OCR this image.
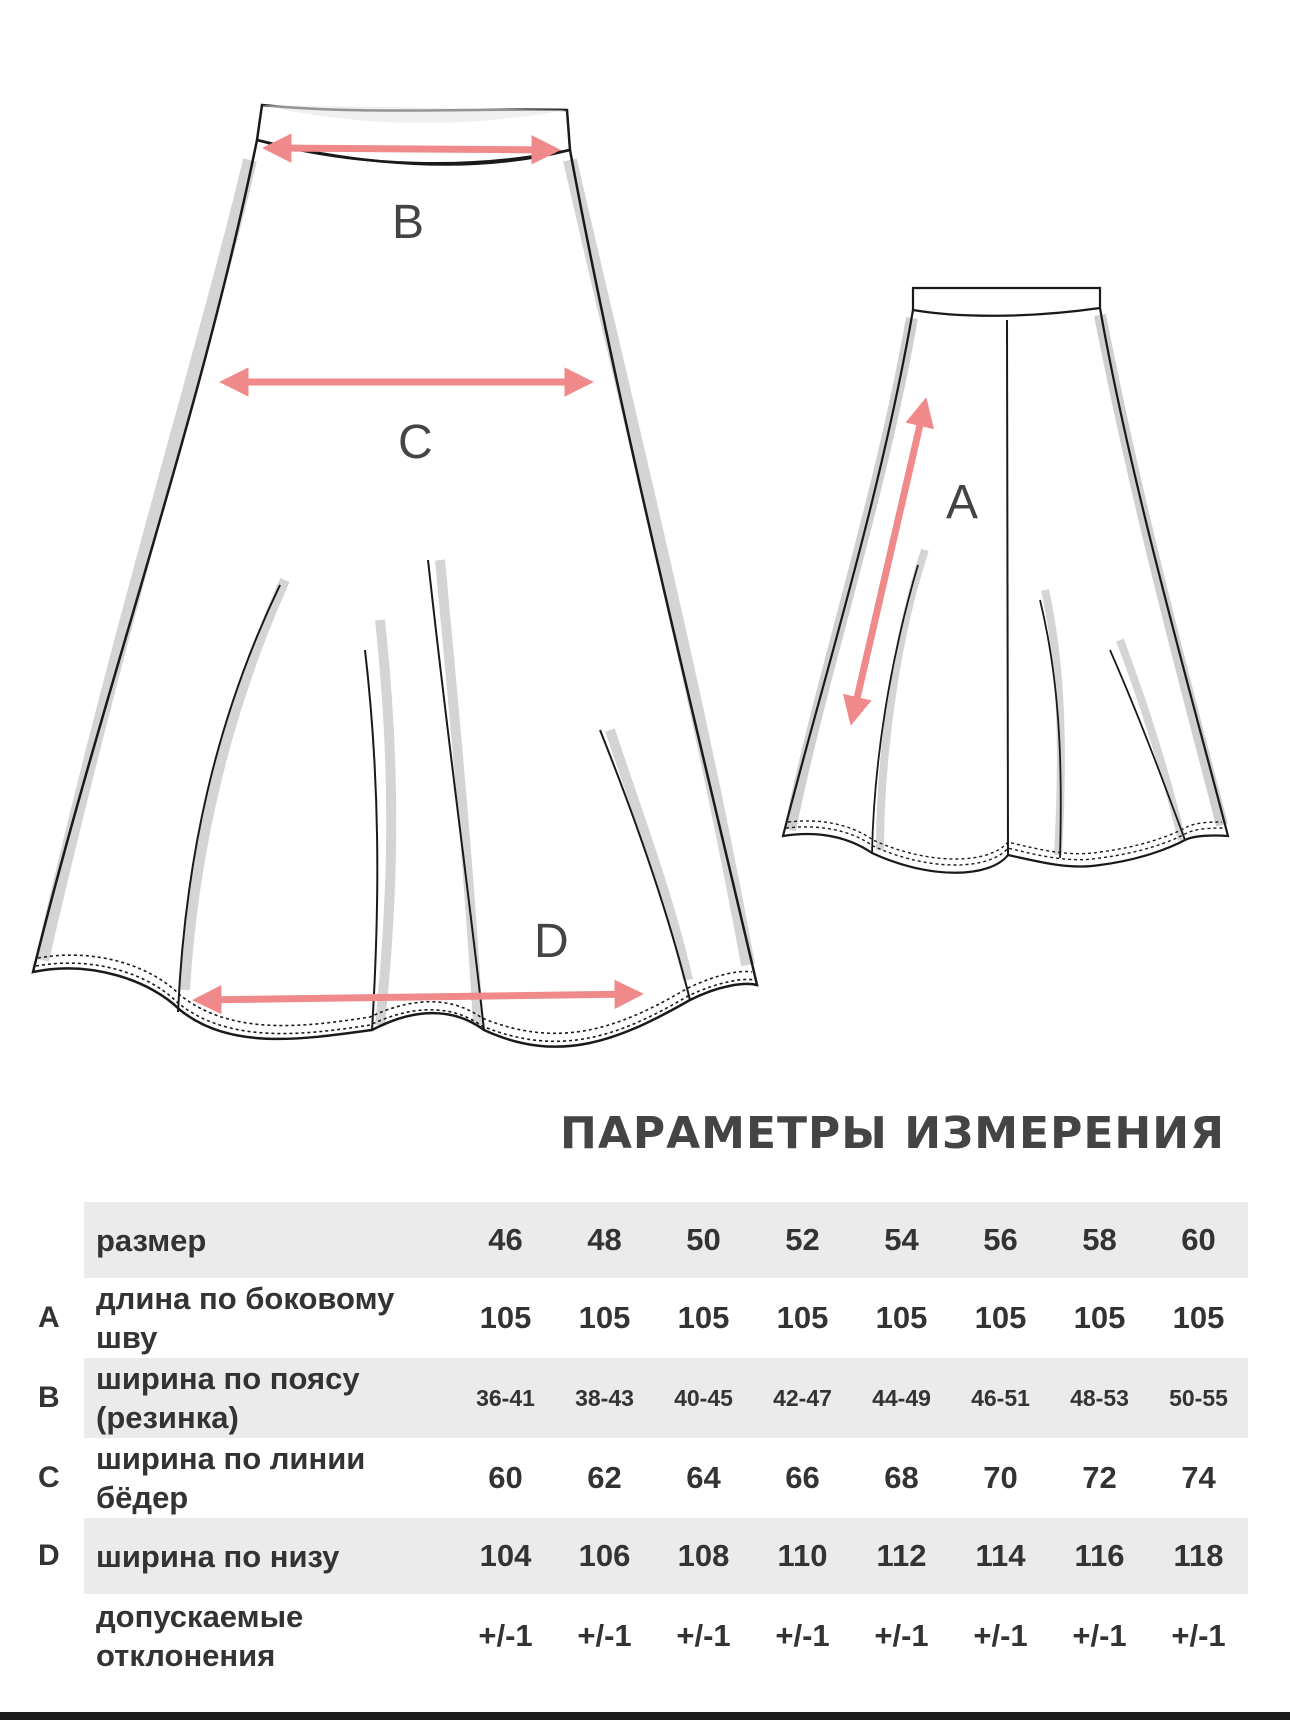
B
C
D
A
ПАРАМЕТРЫ ИЗМЕРЕНИЯ
	размер	46	48	50	52	54	56	58	60
A	длина по боковому шву	105	105	105	105	105	105	105	105
B	ширина по поясу (резинка)	36-41	38-43	40-45	42-47	44-49	46-51	48-53	50-55
C	ширина по линии бёдер	60	62	64	66	68	70	72	74
D	ширина по низу	104	106	108	110	112	114	116	118
	допускаемые отклонения	+/-1	+/-1	+/-1	+/-1	+/-1	+/-1	+/-1	+/-1
